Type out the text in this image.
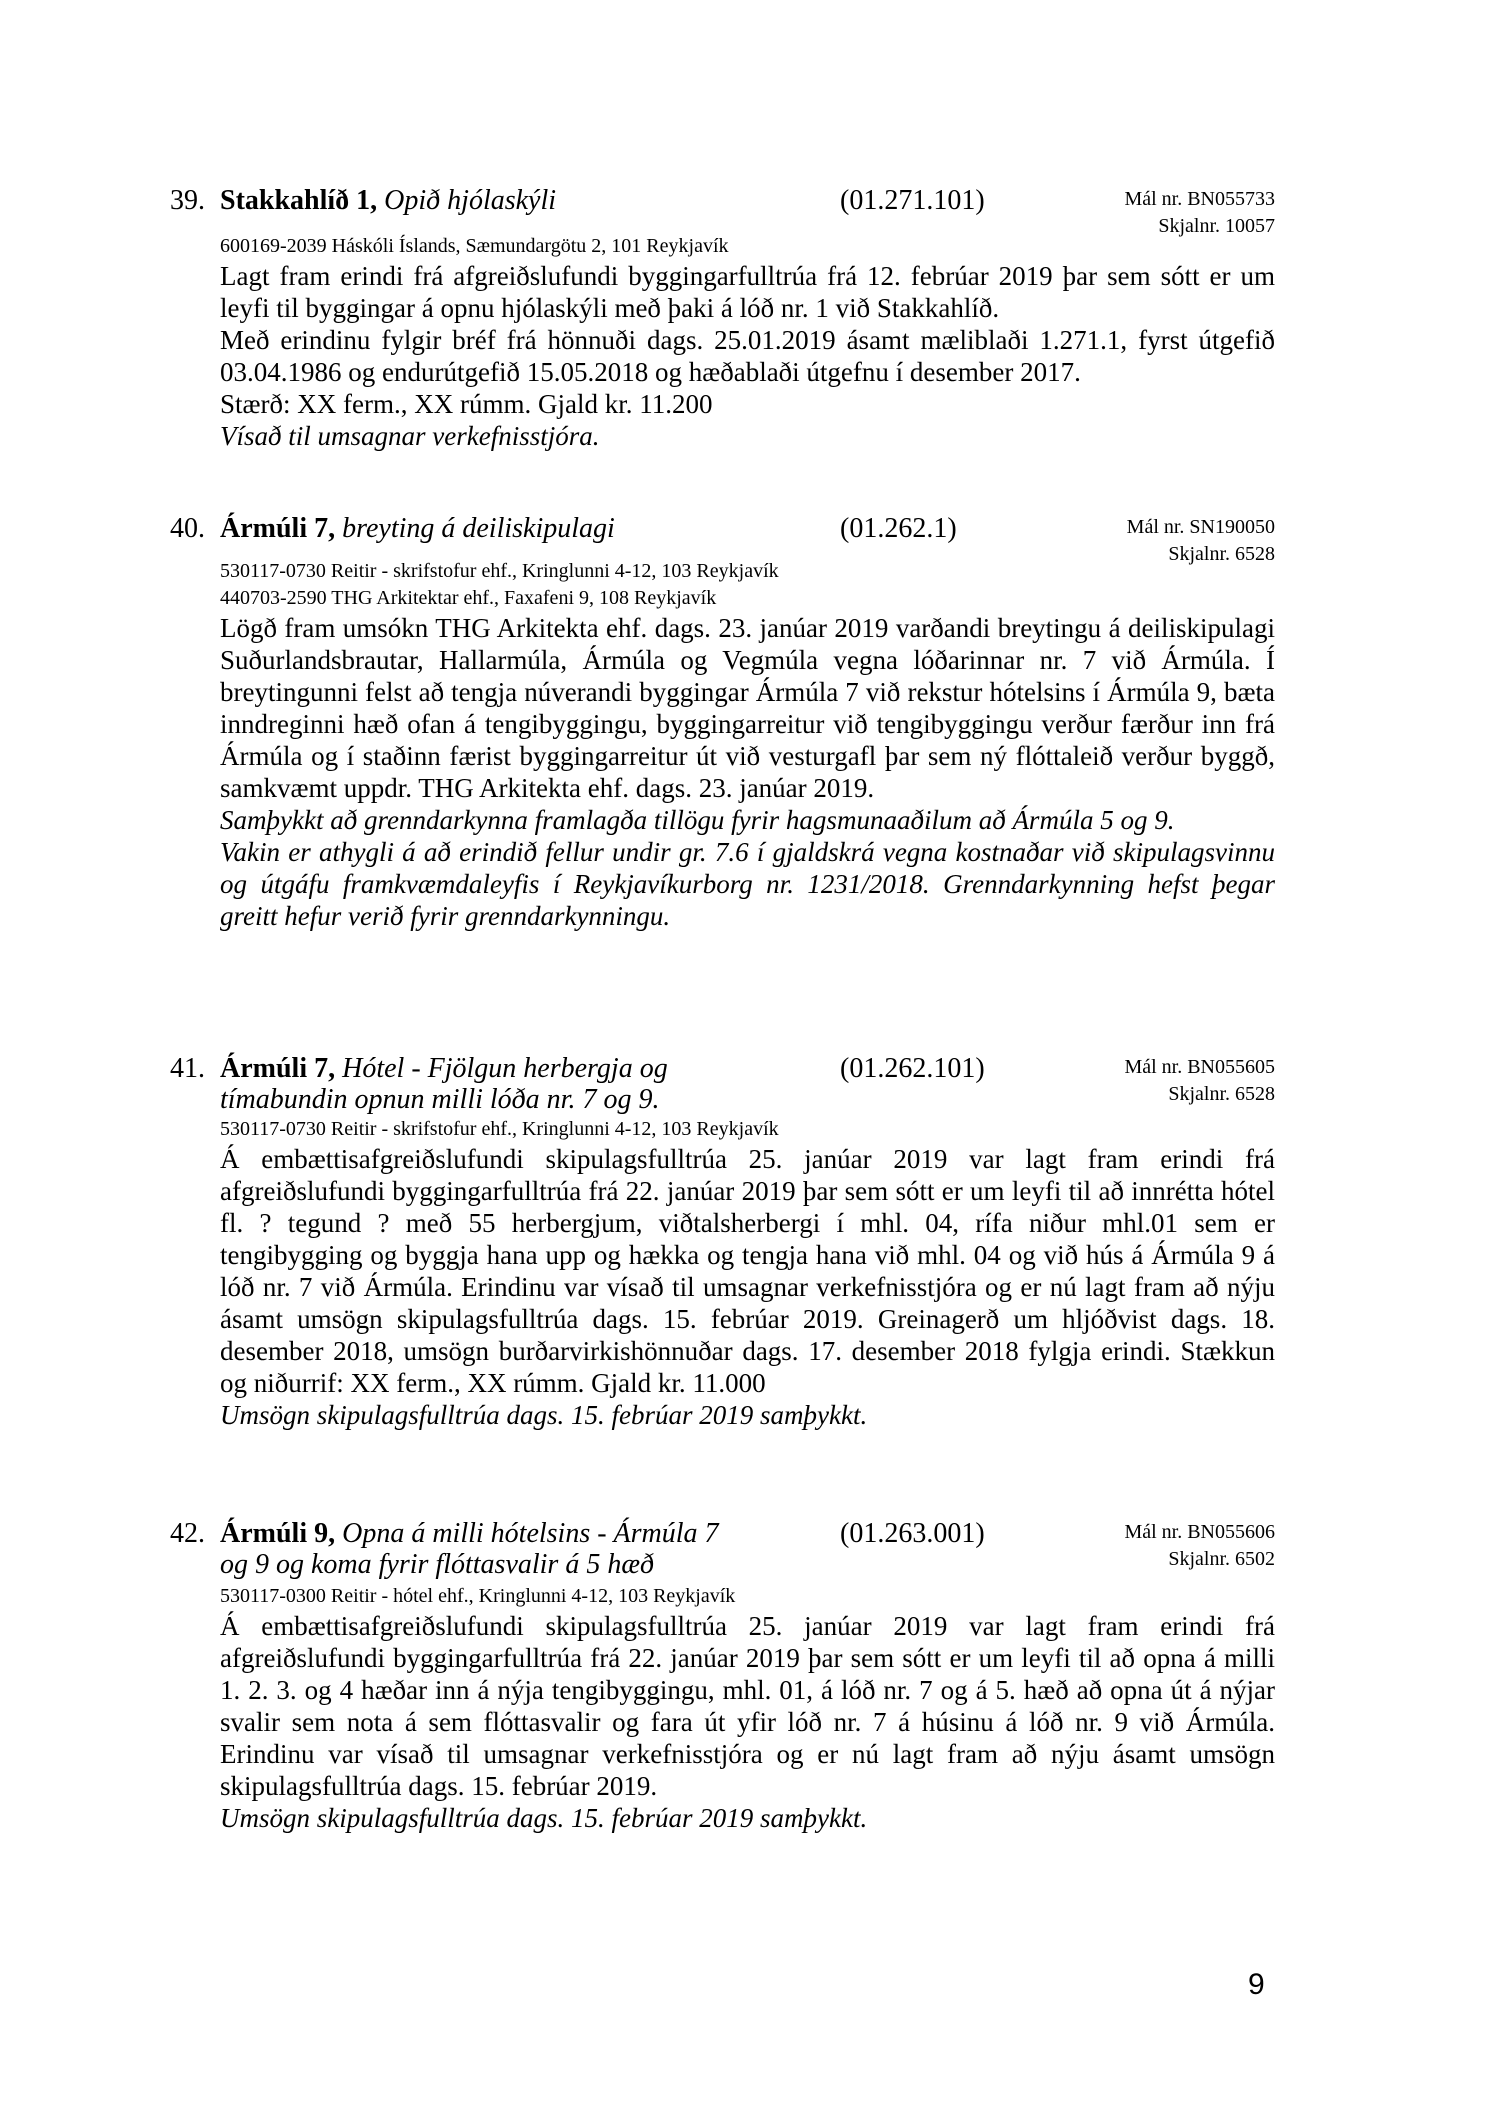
39. Stakkahlíð 1, Opið hjólaskýli	(01.271.101)	Mál nr. BN055733
Skjalnr. 10057
600169-2039 Háskóli Íslands, Sæmundargötu 2, 101 Reykjavík

Lagt fram erindi frá afgreiðslufundi byggingarfulltrúa frá 12. febrúar 2019 þar sem sótt er um leyfi til byggingar á opnu hjólaskýli með þaki á lóð nr. 1 við Stakkahlíð.

Með erindinu fylgir bréf frá hönnuði dags. 25.01.2019 ásamt mæliblaði 1.271.1, fyrst útgefið 03.04.1986 og endurútgefið 15.05.2018 og hæðablaði útgefnu í desember 2017.

Stærð: XX ferm., XX rúmm. Gjald kr. 11.200

Vísað til umsagnar verkefnisstjóra.

40. Ármúli 7, breyting á deiliskipulagi	(01.262.1)	Mál nr. SN190050
Skjalnr. 6528
530117-0730 Reitir - skrifstofur ehf., Kringlunni 4-12, 103 Reykjavík
440703-2590 THG Arkitektar ehf., Faxafeni 9, 108 Reykjavík

Lögð fram umsókn THG Arkitekta ehf. dags. 23. janúar 2019 varðandi breytingu á deiliskipulagi Suðurlandsbrautar, Hallarmúla, Ármúla og Vegmúla vegna lóðarinnar nr. 7 við Ármúla. Í breytingunni felst að tengja núverandi byggingar Ármúla 7 við rekstur hótelsins í Ármúla 9, bæta inndreginni hæð ofan á tengibyggingu, byggingarreitur við tengibyggingu verður færður inn frá Ármúla og í staðinn færist byggingarreitur út við vesturgafl þar sem ný flóttaleið verður byggð, samkvæmt uppdr. THG Arkitekta ehf. dags. 23. janúar 2019.

Samþykkt að grenndarkynna framlagða tillögu fyrir hagsmunaaðilum að Ármúla 5 og 9.

Vakin er athygli á að erindið fellur undir gr. 7.6 í gjaldskrá vegna kostnaðar við skipulagsvinnu og útgáfu framkvæmdaleyfis í Reykjavíkurborg nr. 1231/2018. Grenndarkynning hefst þegar greitt hefur verið fyrir grenndarkynningu.

41. Ármúli 7, Hótel - Fjölgun herbergja og
tímabundin opnun milli lóða nr. 7 og 9.
(01.262.101)	Mál nr. BN055605
Skjalnr. 6528
530117-0730 Reitir - skrifstofur ehf., Kringlunni 4-12, 103 Reykjavík

Á embættisafgreiðslufundi skipulagsfulltrúa 25. janúar 2019 var lagt fram erindi frá afgreiðslufundi byggingarfulltrúa frá 22. janúar 2019 þar sem sótt er um leyfi til að innrétta hótel fl. ? tegund ? með 55 herbergjum, viðtalsherbergi í mhl. 04, rífa niður mhl.01 sem er tengibygging og byggja hana upp og hækka og tengja hana við mhl. 04 og við hús á Ármúla 9 á lóð nr. 7 við Ármúla. Erindinu var vísað til umsagnar verkefnisstjóra og er nú lagt fram að nýju ásamt umsögn skipulagsfulltrúa dags. 15. febrúar 2019. Greinagerð um hljóðvist dags. 18. desember 2018, umsögn burðarvirkishönnuðar dags. 17. desember 2018 fylgja erindi. Stækkun og niðurrif: XX ferm., XX rúmm. Gjald kr. 11.000

Umsögn skipulagsfulltrúa dags. 15. febrúar 2019 samþykkt.

42. Ármúli 9, Opna á milli hótelsins - Ármúla 7
og 9 og koma fyrir flóttasvalir á 5 hæð
(01.263.001)	Mál nr. BN055606
Skjalnr. 6502
530117-0300 Reitir - hótel ehf., Kringlunni 4-12, 103 Reykjavík

Á embættisafgreiðslufundi skipulagsfulltrúa 25. janúar 2019 var lagt fram erindi frá afgreiðslufundi byggingarfulltrúa frá 22. janúar 2019 þar sem sótt er um leyfi til að opna á milli 1. 2. 3. og 4 hæðar inn á nýja tengibyggingu, mhl. 01, á lóð nr. 7 og á 5. hæð að opna út á nýjar svalir sem nota á sem flóttasvalir og fara út yfir lóð nr. 7 á húsinu á lóð nr. 9 við Ármúla. Erindinu var vísað til umsagnar verkefnisstjóra og er nú lagt fram að nýju ásamt umsögn skipulagsfulltrúa dags. 15. febrúar 2019.

Umsögn skipulagsfulltrúa dags. 15. febrúar 2019 samþykkt.

9
